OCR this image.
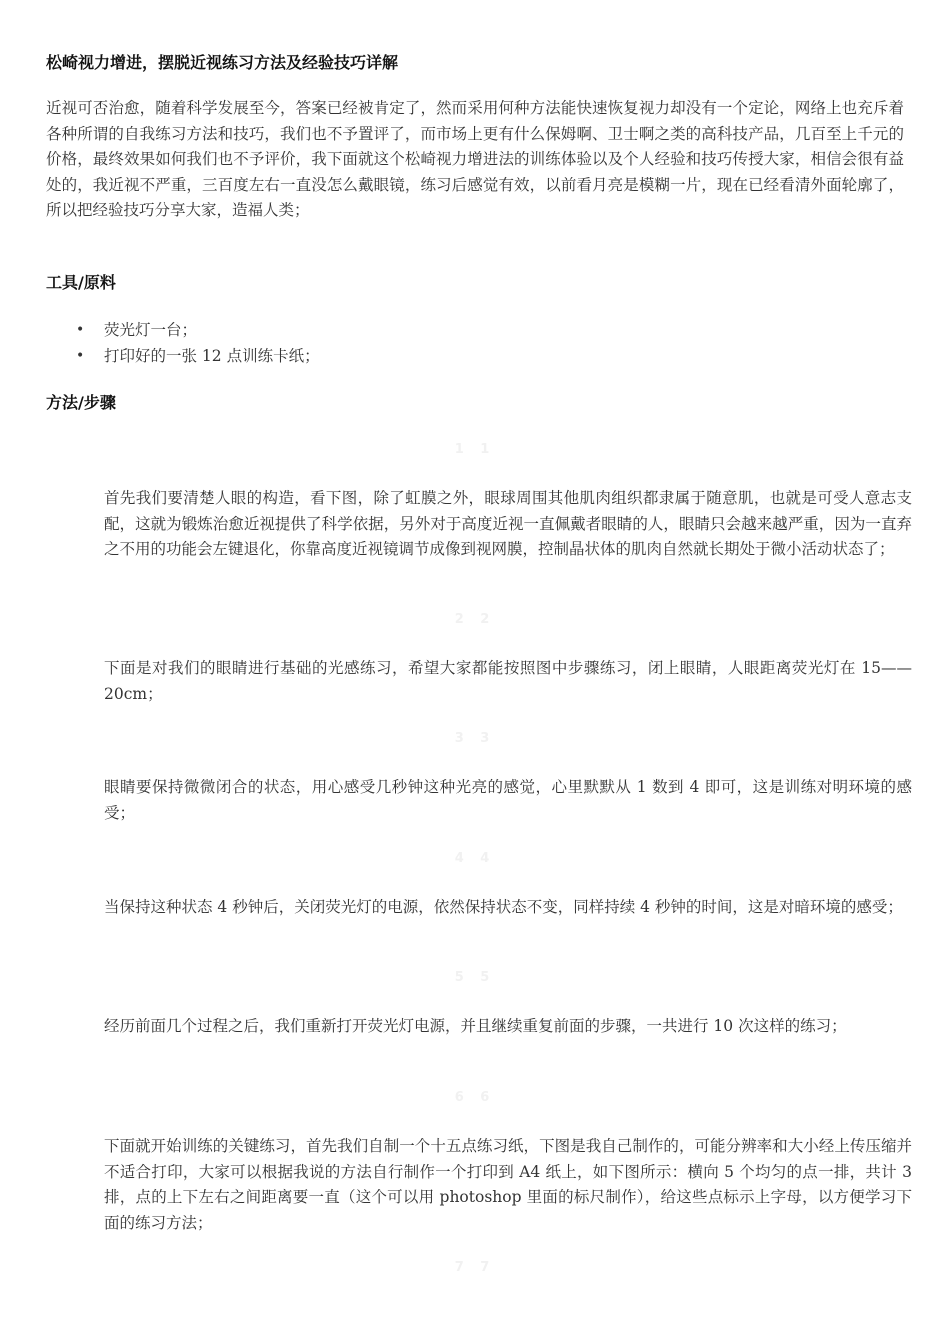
松崎视力增进，摆脱近视练习方法及经验技巧详解

近视可否治愈，随着科学发展至今，答案已经被肯定了，然而采用何种方法能快速恢复视力却没有一个定论，网络上也充斥着各种所谓的自我练习方法和技巧，我们也不予置评了，而市场上更有什么保姆啊、卫士啊之类的高科技产品，几百至上千元的价格，最终效果如何我们也不予评价，我下面就这个松崎视力增进法的训练体验以及个人经验和技巧传授大家，相信会很有益处的，我近视不严重，三百度左右一直没怎么戴眼镜，练习后感觉有效，以前看月亮是模糊一片，现在已经看清外面轮廓了，所以把经验技巧分享大家，造福人类；

工具/原料
• 荧光灯一台；
• 打印好的一张 12 点训练卡纸；
方法/步骤
1 1

首先我们要清楚人眼的构造，看下图，除了虹膜之外，眼球周围其他肌肉组织都隶属于随意肌，也就是可受人意志支配，这就为锻炼治愈近视提供了科学依据，另外对于高度近视一直佩戴者眼睛的人，眼睛只会越来越严重，因为一直弃之不用的功能会左键退化，你靠高度近视镜调节成像到视网膜，控制晶状体的肌肉自然就长期处于微小活动状态了；

2 2

下面是对我们的眼睛进行基础的光感练习，希望大家都能按照图中步骤练习，闭上眼睛，人眼距离荧光灯在 15——20cm；

3 3

眼睛要保持微微闭合的状态，用心感受几秒钟这种光亮的感觉，心里默默从 1 数到 4 即可，这是训练对明环境的感受；

4 4

当保持这种状态 4 秒钟后，关闭荧光灯的电源，依然保持状态不变，同样持续 4 秒钟的时间，这是对暗环境的感受；

5 5

经历前面几个过程之后，我们重新打开荧光灯电源，并且继续重复前面的步骤，一共进行 10 次这样的练习；

6 6

下面就开始训练的关键练习，首先我们自制一个十五点练习纸，下图是我自己制作的，可能分辨率和大小经上传压缩并不适合打印，大家可以根据我说的方法自行制作一个打印到 A4 纸上，如下图所示：横向 5 个均匀的点一排，共计 3 排，点的上下左右之间距离要一直（这个可以用 photoshop 里面的标尺制作），给这些点标示上字母，以方便学习下面的练习方法；

7 7
